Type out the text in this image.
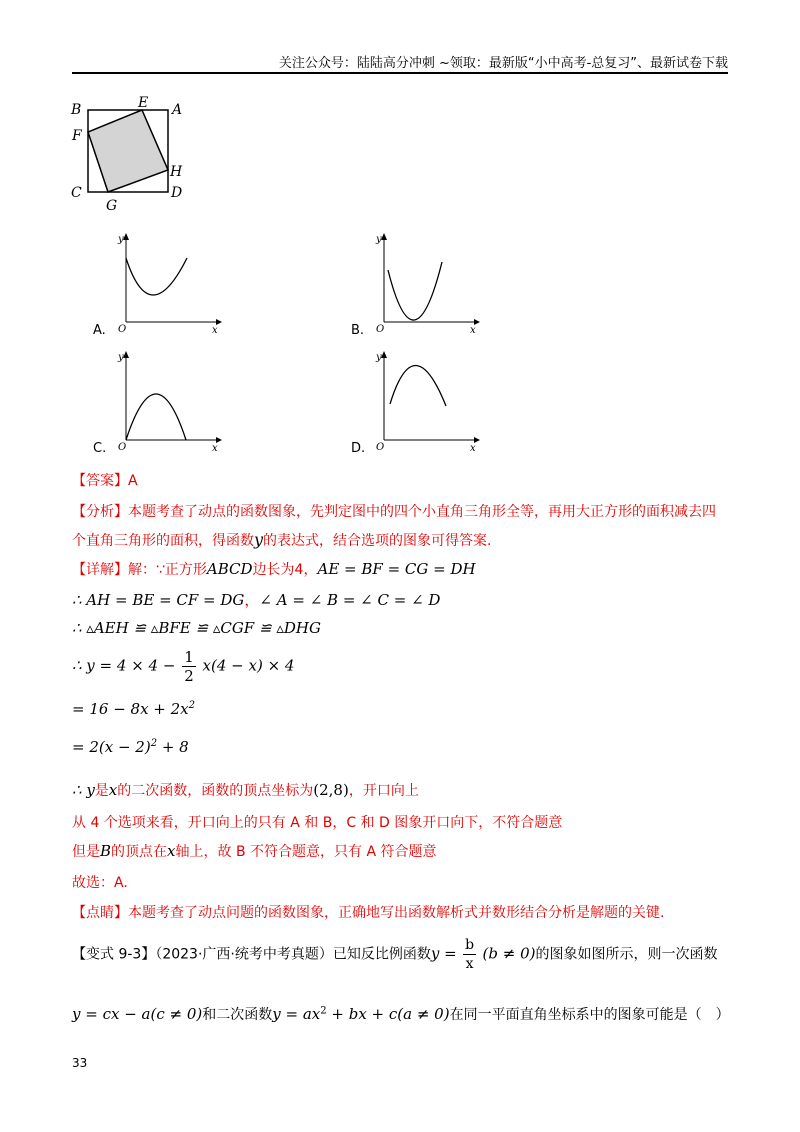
关注公众号：陆陆高分冲刺 ~领取：最新版“小中高考-总复习”、最新试卷下载
B	E A
F
H
C
G
D
A.
y
x
O	B.
y
x
O
C.
y
x
O	D.
y
x
O
【答案】A
【分析】本题考查了动点的函数图象，先判定图中的四个小直角三角形全等，再用大正方形的面积减去四
个直角三角形的面积，得函数y的表达式，结合选项的图象可得答案.
【详解】解：∵正方形ABCD边长为4，AE = BF = CG = DH
∴ AH = BE = CF = DG，∠ A = ∠ B = ∠ C = ∠ D
∴ ▵AEH ≌ ▵BFE ≌ ▵CGF ≌ ▵DHG
∴ $y = 4 \times 4 - \frac{1}{2} x(4 - x) \times 4$
= $16 - 8x + 2x^2$
= $2(x - 2)^2 + 8$
∴ y是x的二次函数，函数的顶点坐标为(2,8)，开口向上
从 4 个选项来看，开口向上的只有 A 和 B，C 和 D 图象开口向下，不符合题意
但是B的顶点在x轴上，故 B 不符合题意，只有 A 符合题意
故选：A.
【点睛】本题考查了动点问题的函数图象，正确地写出函数解析式并数形结合分析是解题的关键.
【变式 9-3】（2023·广西·统考中考真题）已知反比例函数$y = \frac{b}{x} (b \ne 0)$的图象如图所示，则一次函数
y = cx − a(c ≠ 0)和二次函数$y = ax^2$ + bx + c(a ≠ 0)在同一平面直角坐标系中的图象可能是（　）
33
